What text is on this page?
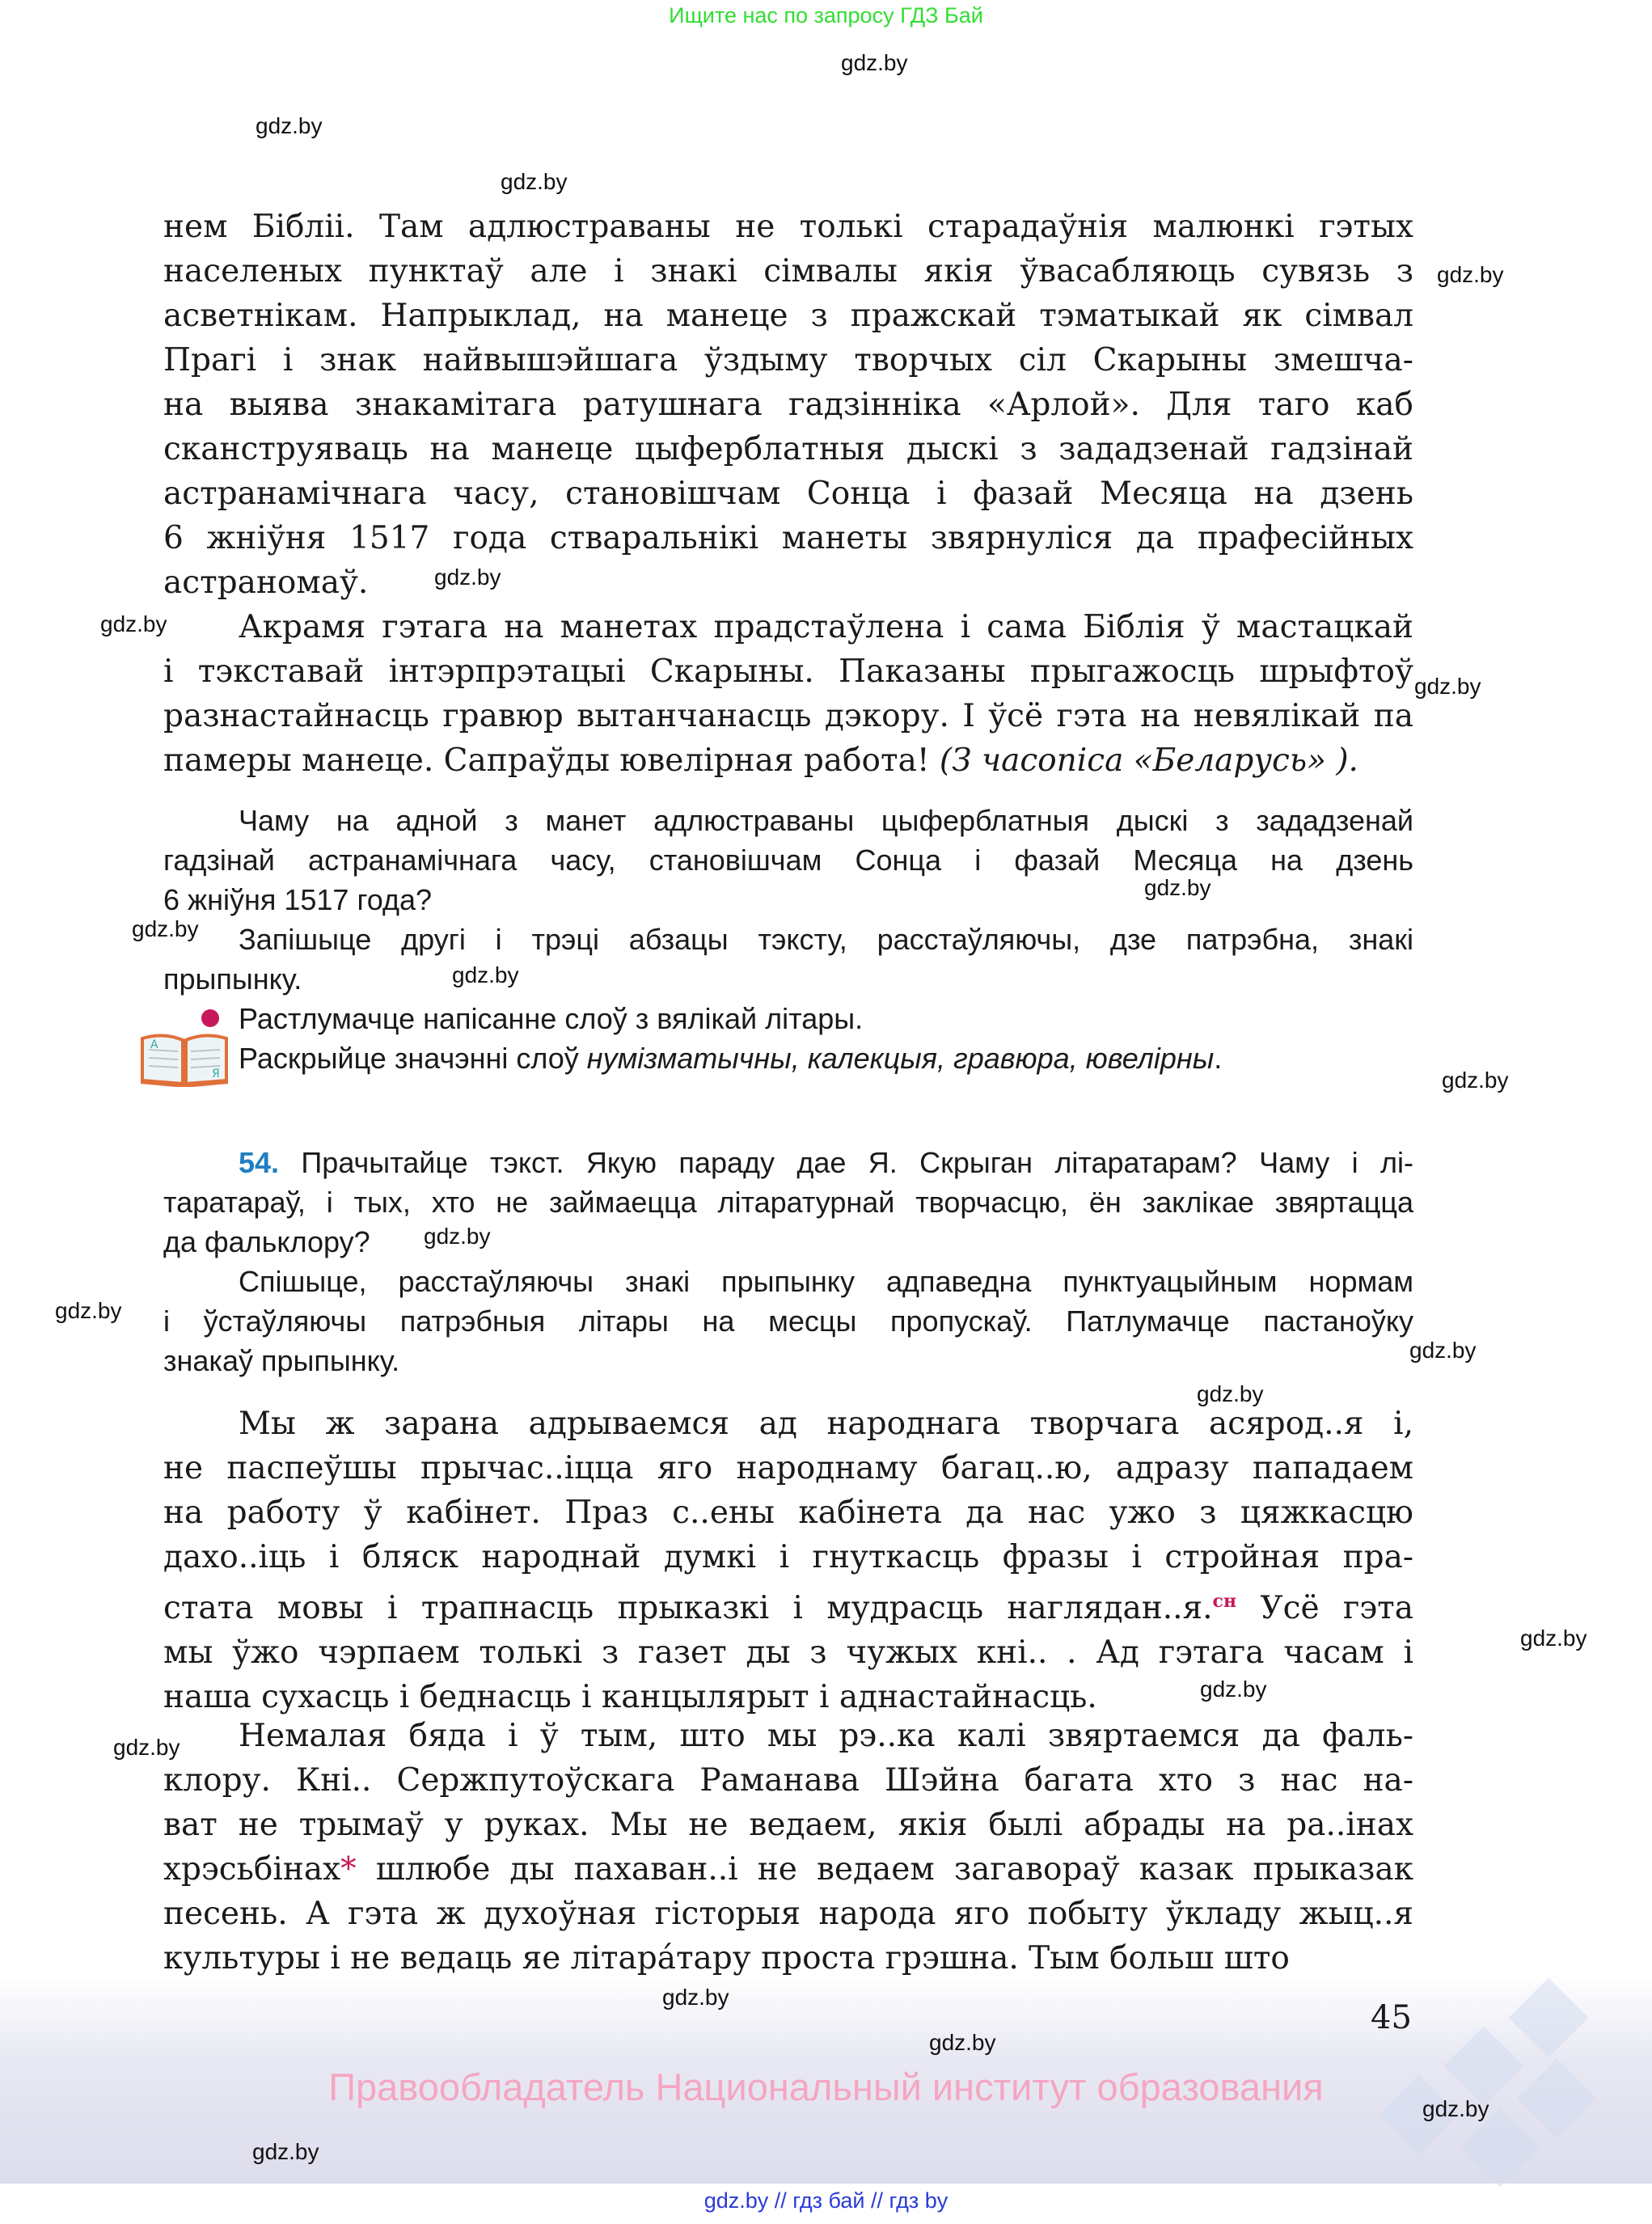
Ищите нас по запросу ГДЗ Бай
нем Біблii. Там адлюстраваны не толькі старадаўнія малюнкі гэтых
населеных пунктаў але і знакі сімвалы якія ўвасабляюць сувязь з
асветнікам. Напрыклад, на манеце з пражскай тэматыкай як сімвал
Прагі і знак найвышэйшага ўздыму творчых сіл Скарыны змешча-
на выява знакамітага ратушнага гадзінніка «Арлой». Для таго каб
сканструяваць на манеце цыферблатныя дыскі з зададзенай гадзінай
астранамічнага часу, становішчам Сонца і фазай Месяца на дзень
6 жніўня 1517 года стваральнікі манеты звярнуліся да прафесійных
астраномаў.
Акрамя гэтага на манетах прадстаўлена і сама Біблія ў мастацкай
і тэкставай інтэрпрэтацыі Скарыны. Паказаны прыгажосць шрыфтоў
разнастайнасць гравюр вытанчанасць дэкору. І ўсё гэта на невялікай па
памеры манеце. Сапраўды ювелірная работа! (З часопіса «Беларусь» ).
Чаму на адной з манет адлюстраваны цыферблатныя дыскі з зададзенай
гадзінай астранамічнага часу, становішчам Сонца і фазай Месяца на дзень
6 жніўня 1517 года?
Запішыце другі і трэці абзацы тэксту, расстаўляючы, дзе патрэбна, знакі
прыпынку.
Растлумачце напісанне слоў з вялікай літары.
Раскрыйце значэнні слоў нумізматычны, калекцыя, гравюра, ювелірны.
54. Прачытайце тэкст. Якую параду дае Я. Скрыган літаратарам? Чаму і лі-
таратараў, і тых, хто не займаецца літаратурнай творчасцю, ён заклікае звяртацца
да фальклору?
Спішыце, расстаўляючы знакі прыпынку адпаведна пунктуацыйным нормам
і ўстаўляючы патрэбныя літары на месцы пропускаў. Патлумачце пастаноўку
знакаў прыпынку.
Мы ж зарана адрываемся ад народнага творчага асярод..я і,
не паспеўшы прычас..іцца яго народнаму багац..ю, адразу пападаем
на работу ў кабінет. Праз с..ены кабінета да нас ужо з цяжкасцю
дахо..іць і бляск народнай думкі і гнуткасць фразы і стройная пра-
стата мовы і трапнасць прыказкі і мудрасць наглядан..я.$^{сн}$ Усё гэта
мы ўжо чэрпаем толькі з газет ды з чужых кні.. . Ад гэтага часам і
наша сухасць і беднасць і канцылярыт і аднастайнасць.
Немалая бяда і ў тым, што мы рэ..ка калі звяртаемся да фаль-
клору. Кні.. Сержпутоўскага Раманава Шэйна багата хто з нас на-
ват не трымаў у руках. Мы не ведаем, якія былі абрады на ра..інах
хрэсьбінах* шлюбе ды пахаван..і не ведаем загавораў казак прыказак
песень. А гэта ж духоўная гісторыя народа яго побыту ўкладу жыц..я
культуры і не ведаць яе літара́тару проста грэшна. Тым больш што
А
Я
45
Правообладатель Национальный институт образования
gdz.by // гдз бай // гдз by
gdz.by
gdz.by
gdz.by
gdz.by
gdz.by
gdz.by
gdz.by
gdz.by
gdz.by
gdz.by
gdz.by
gdz.by
gdz.by
gdz.by
gdz.by
gdz.by
gdz.by
gdz.by
gdz.by
gdz.by
gdz.by
gdz.by
